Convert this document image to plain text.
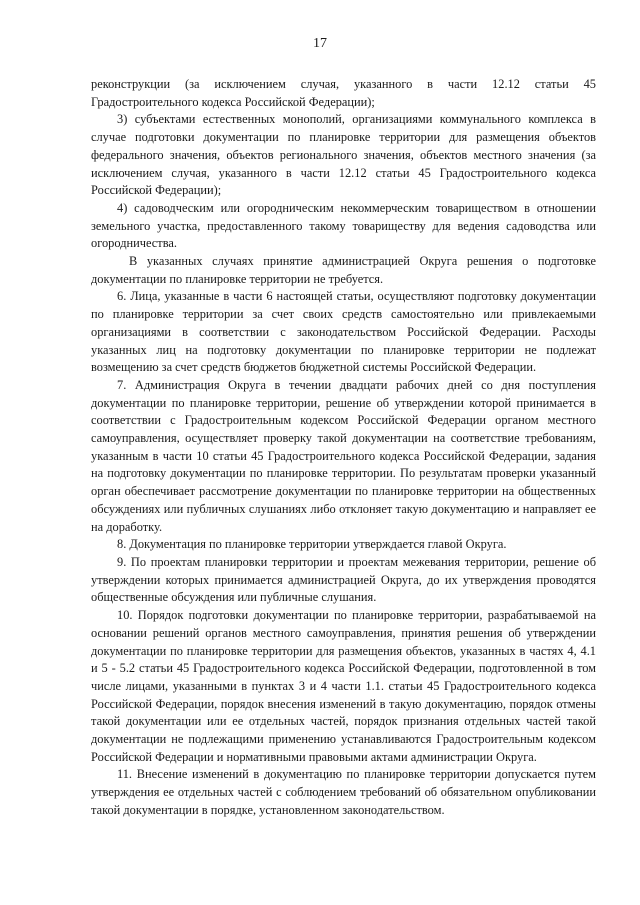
17

реконструкции (за исключением случая, указанного в части 12.12 статьи 45 Градостроительного кодекса Российской Федерации);

3) субъектами естественных монополий, организациями коммунального комплекса в случае подготовки документации по планировке территории для размещения объектов федерального значения, объектов регионального значения, объектов местного значения (за исключением случая, указанного в части 12.12 статьи 45 Градостроительного кодекса Российской Федерации);

4) садоводческим или огородническим некоммерческим товариществом в отношении земельного участка, предоставленного такому товариществу для ведения садоводства или огородничества.

В указанных случаях принятие администрацией Округа решения о подготовке документации по планировке территории не требуется.

6. Лица, указанные в части 6 настоящей статьи, осуществляют подготовку документации по планировке территории за счет своих средств самостоятельно или привлекаемыми организациями в соответствии с законодательством Российской Федерации. Расходы указанных лиц на подготовку документации по планировке территории не подлежат возмещению за счет средств бюджетов бюджетной системы Российской Федерации.

7. Администрация Округа в течении двадцати рабочих дней со дня поступления документации по планировке территории, решение об утверждении которой принимается в соответствии с Градостроительным кодексом Российской Федерации органом местного самоуправления, осуществляет проверку такой документации на соответствие требованиям, указанным в части 10 статьи 45 Градостроительного кодекса Российской Федерации, задания на подготовку документации по планировке территории. По результатам проверки указанный орган обеспечивает рассмотрение документации по планировке территории на общественных обсуждениях или публичных слушаниях либо отклоняет такую документацию и направляет ее на доработку.

8. Документация по планировке территории утверждается главой Округа.

9. По проектам планировки территории и проектам межевания территории, решение об утверждении которых принимается администрацией Округа, до их утверждения проводятся общественные обсуждения или публичные слушания.

10. Порядок подготовки документации по планировке территории, разрабатываемой на основании решений органов местного самоуправления, принятия решения об утверждении документации по планировке территории для размещения объектов, указанных в частях 4, 4.1 и 5 - 5.2 статьи 45 Градостроительного кодекса Российской Федерации, подготовленной в том числе лицами, указанными в пунктах 3 и 4 части 1.1. статьи 45 Градостроительного кодекса Российской Федерации, порядок внесения изменений в такую документацию, порядок отмены такой документации или ее отдельных частей, порядок признания отдельных частей такой документации не подлежащими применению устанавливаются Градостроительным кодексом Российской Федерации и нормативными правовыми актами администрации Округа.

11. Внесение изменений в документацию по планировке территории допускается путем утверждения ее отдельных частей с соблюдением требований об обязательном опубликовании такой документации в порядке, установленном законодательством.
